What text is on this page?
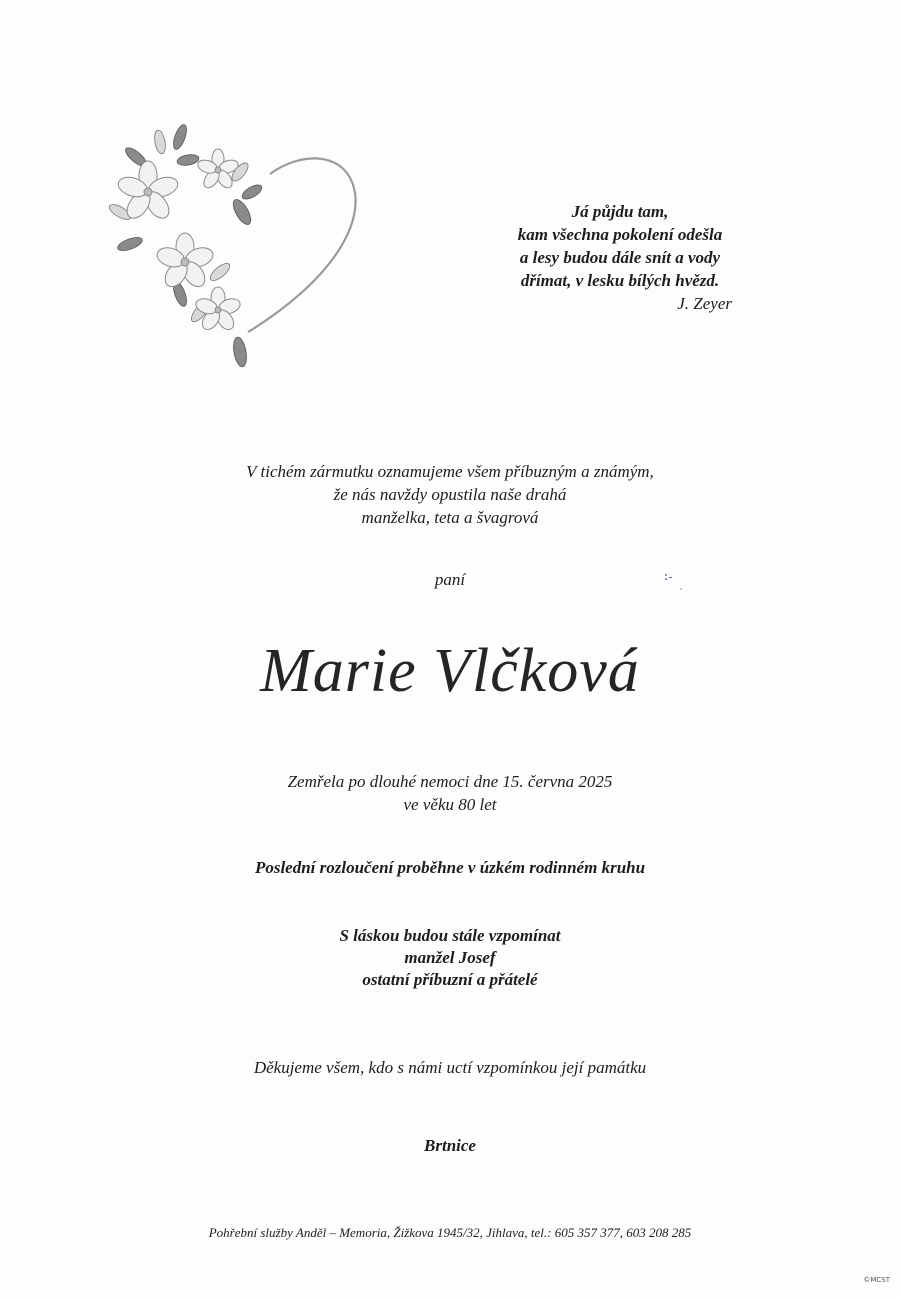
Já půjdu tam,
kam všechna pokolení odešla
a lesy budou dále snít a vody
dřímat, v lesku bílých hvězd.
J. Zeyer
V tichém zármutku oznamujeme všem příbuzným a známým,
že nás navždy opustila naše drahá
manželka, teta a švagrová
paní
Marie Vlčková
Zemřela po dlouhé nemoci dne 15. června 2025
ve věku 80 let
Poslední rozloučení proběhne v úzkém rodinném kruhu
S láskou budou stále vzpomínat
manžel Josef
ostatní příbuzní a přátelé
Děkujeme všem, kdo s námi uctí vzpomínkou její památku
Brtnice
Pohřební služby Anděl – Memoria, Žižkova 1945/32, Jihlava, tel.: 605 357 377, 603 208 285
©MCST
